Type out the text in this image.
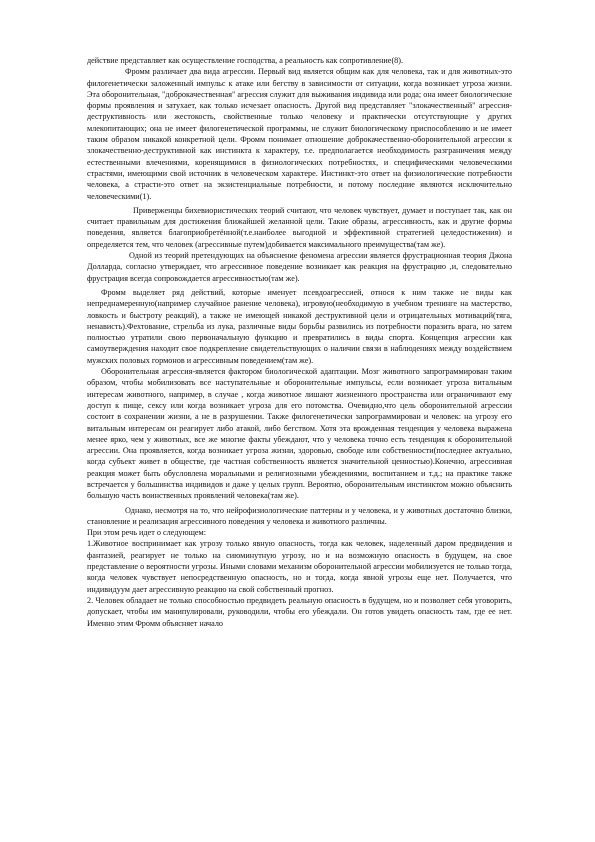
действие представляет как осуществление господства, а реальность как сопротивление(8).

Фромм различает два вида агрессии. Первый вид является общим как для человека, так и для животных-это филогенетически заложенный импульс к атаке или бегству в зависимости от ситуации, когда возникает угроза жизни. Эта оборонительная, "доброкачественная" агрессия служит для выживания индивида или рода; она имеет биологические формы проявления и затухает, как только исчезает опасность. Другой вид представляет "злокачественный" агрессия-деструктивность или жестокость, свойственные только человеку и практически отсутствующие у других млекопитающих; она не имеет филогенетической программы, не служит биологическому приспособлению и не имеет таким образом никакой конкретной цели. Фромм понимает отношение доброкачественно-оборонительной агрессии к злокачественно-деструктивной как инстинкта к характеру, т.е. предполагается необходимость разграничения между естественными влечениями, коренящимися в физиологических потребностях, и специфическими человеческими страстями, имеющими свой источник в человеческом характере. Инстинкт-это ответ на физиологические потребности человека, а страсти-это ответ на экзистенциальные потребности, и потому последние являются исключительно человеческими(1).

Приверженцы бихевиористических теорий считают, что человек чувствует, думает и поступает так, как он считает правильным для достижения ближайшей желанной цели. Такие образы, агрессивность, как и другие формы поведения, является благоприобретённой(т.е.наиболее выгодной и эффективной стратегией целедостижения) и определяется тем, что человек (агрессивные путем)добивается максимального преимущества(там же).

Одной из теорий претендующих на объяснение феномена агрессии является фрустрационная теория Джона Долларда, согласно утверждает, что агрессивное поведение возникает как реакция на фрустрацию ,и, следовательно фрустрация всегда сопровождается агрессивностью(там же).

Фромм выделяет ряд действий, которые именует псевдоагрессией, относя к ним также не виды как непреднамеренную(например случайное ранение человека), игровую(необходимую в учебном тренинге на мастерство, ловкость и быстроту реакций), а также не имеющей никакой деструктивной цели и отрицательных мотиваций(тяга, ненависть).Фехтование, стрельба из лука, различные виды борьбы развились из потребности поразить врага, но затем полностью утратили свою первоначальную функцию и превратились в виды спорта. Концепция агрессии как самоутверждения находит свое подкрепление свидетельствующих о наличии связи в наблюдениях между воздействием мужских половых гормонов и агрессивным поведением(там же).

Оборонительная агрессия-является фактором биологической адаптации. Мозг животного запрограммирован таким образом, чтобы мобилизовать все наступательные и оборонительные импульсы, если возникает угроза витальным интересам животного, например, в случае , когда животное лишают жизненного пространства или ограничивают ему доступ к пище, сексу или когда возникает угроза для его потомства. Очевидно,что цель оборонительной агрессии состоит в сохранении жизни, а не в разрушении. Также филогенетически запрограммирован и человек: на угрозу его витальным интересам он реагирует либо атакой, либо бегством. Хотя эта врожденная тенденция у человека выражена менее ярко, чем у животных, все же многие факты убеждают, что у человека точно есть тенденция к оборонительной агрессии. Она проявляется, когда возникает угроза жизни, здоровью, свободе или собственности(последнее актуально, когда субъект живет в обществе, где частная собственность является значительной ценностью).Конечно, агрессивная реакция может быть обусловлена моральными и религиозными убеждениями, воспитанием и т.д.; на практике также встречается у большинства индивидов и даже у целых групп. Вероятно, оборонительным инстинктом можно объяснить большую часть воинственных проявлений человека(там же).

Однако, несмотря на то, что нейрофизиологические паттерны и у человека, и у животных достаточно близки, становление и реализация агрессивного поведения у человека и животного различны.

При этом речь идет о следующем:

1.Животное воспринимает как угрозу только явную опасность, тогда как человек, наделенный даром предвидения и фантазией, реагирует не только на сиюминутную угрозу, но и на возможную опасность в будущем, на свое представление о вероятности угрозы. Иными словами механизм оборонительной агрессии мобилизуется не только тогда, когда человек чувствует непосредственную опасность, но и тогда, когда явной угрозы еще нет. Получается, что индивидуум дает агрессивную реакцию на свой собственный прогноз.

2. Человек обладает не только способностью предвидеть реальную опасность в будущем, но и позволяет себя уговорить, допускает, чтобы им манипулировали, руководили, чтобы его убеждали. Он готов увидеть опасность там, где ее нет. Именно этим Фромм объясняет начало
